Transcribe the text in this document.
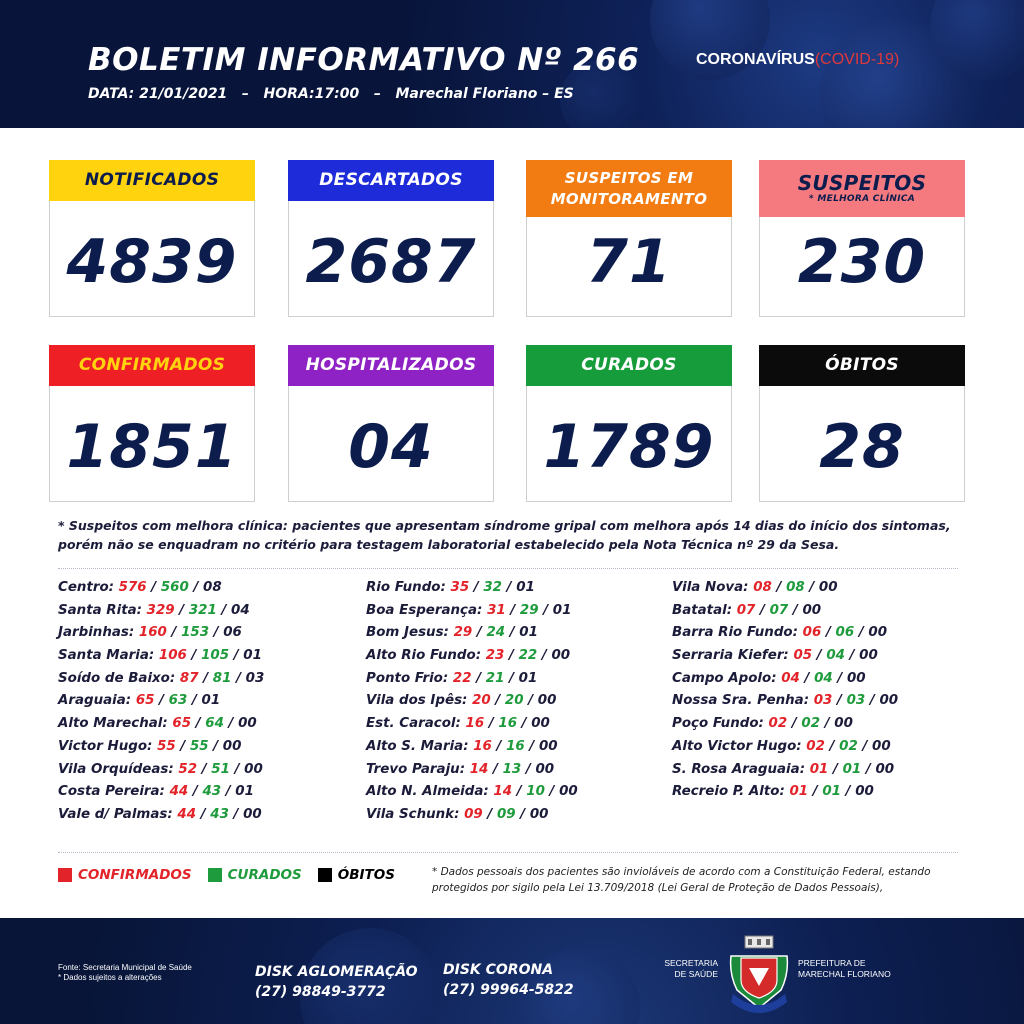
BOLETIM INFORMATIVO Nº 266
DATA: 21/01/2021   –   HORA:17:00   –   Marechal Floriano – ES
CORONAVÍRUS(COVID-19)
NOTIFICADOS
4839
DESCARTADOS
2687
SUSPEITOS EM
MONITORAMENTO
71
SUSPEITOS
* MELHORA CLÍNICA
230
CONFIRMADOS
1851
HOSPITALIZADOS
04
CURADOS
1789
ÓBITOS
28
* Suspeitos com melhora clínica: pacientes que apresentam síndrome gripal com melhora após 14 dias do início dos sintomas, porém não se enquadram no critério para testagem laboratorial estabelecido pela Nota Técnica nº 29 da Sesa.
Centro: 576 / 560 / 08
Santa Rita: 329 / 321 / 04
Jarbinhas: 160 / 153 / 06
Santa Maria: 106 / 105 / 01
Soído de Baixo: 87 / 81 / 03
Araguaia: 65 / 63 / 01
Alto Marechal: 65 / 64 / 00
Victor Hugo: 55 / 55 / 00
Vila Orquídeas: 52 / 51 / 00
Costa Pereira: 44 / 43 / 01
Vale d/ Palmas: 44 / 43 / 00
Rio Fundo: 35 / 32 / 01
Boa Esperança: 31 / 29 / 01
Bom Jesus: 29 / 24 / 01
Alto Rio Fundo: 23 / 22 / 00
Ponto Frio: 22 / 21 / 01
Vila dos Ipês: 20 / 20 / 00
Est. Caracol: 16 / 16 / 00
Alto S. Maria: 16 / 16 / 00
Trevo Paraju: 14 / 13 / 00
Alto N. Almeida: 14 / 10 / 00
Vila Schunk: 09 / 09 / 00
Vila Nova: 08 / 08 / 00
Batatal: 07 / 07 / 00
Barra Rio Fundo: 06 / 06 / 00
Serraria Kiefer: 05 / 04 / 00
Campo Apolo: 04 / 04 / 00
Nossa Sra. Penha: 03 / 03 / 00
Poço Fundo: 02 / 02 / 00
Alto Victor Hugo: 02 / 02 / 00
S. Rosa Araguaia: 01 / 01 / 00
Recreio P. Alto: 01 / 01 / 00
CONFIRMADOS	CURADOS	ÓBITOS	* Dados pessoais dos pacientes são invioláveis de acordo com a Constituição Federal, estando protegidos por sigilo pela Lei 13.709/2018 (Lei Geral de Proteção de Dados Pessoais),
Fonte: Secretaria Municipal de Saúde
* Dados sujeitos a alterações	DISK AGLOMERAÇÃO
(27) 98849-3772
DISK CORONA
(27) 99964-5822
SECRETARIA
DE SAÚDE
PREFEITURA DE
MARECHAL FLORIANO
